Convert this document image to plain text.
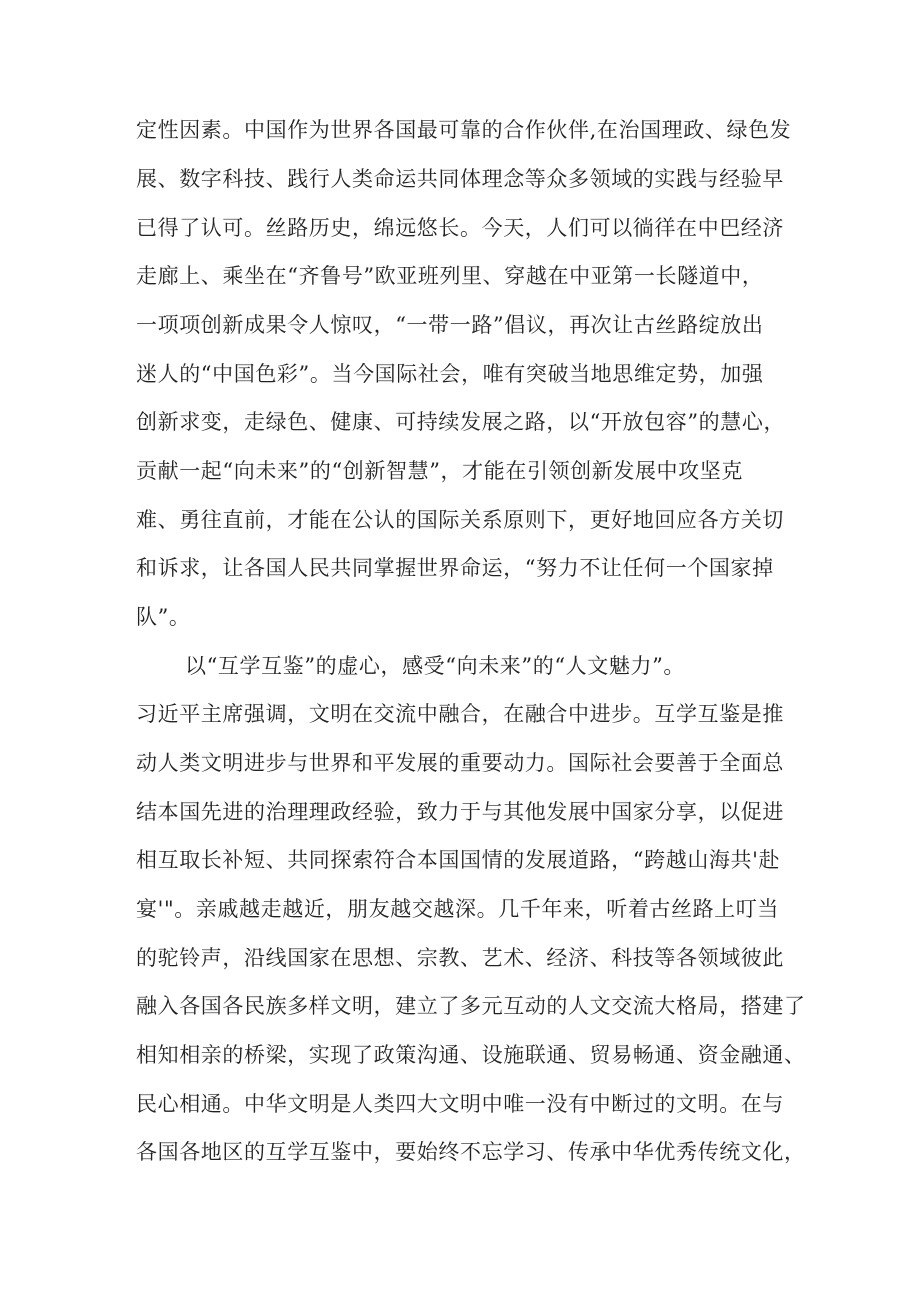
定性因素。中国作为世界各国最可靠的合作伙伴,在治国理政、绿色发
展、数字科技、践行人类命运共同体理念等众多领域的实践与经验早
已得了认可。丝路历史，绵远悠长。今天，人们可以徜徉在中巴经济
走廊上、乘坐在“齐鲁号”欧亚班列里、穿越在中亚第一长隧道中，
一项项创新成果令人惊叹，“一带一路”倡议，再次让古丝路绽放出
迷人的“中国色彩”。当今国际社会，唯有突破当地思维定势，加强
创新求变，走绿色、健康、可持续发展之路，以“开放包容”的慧心，
贡献一起“向未来”的“创新智慧”，才能在引领创新发展中攻坚克
难、勇往直前，才能在公认的国际关系原则下，更好地回应各方关切
和诉求，让各国人民共同掌握世界命运，“努力不让任何一个国家掉
队”。
以“互学互鉴”的虚心，感受“向未来”的“人文魅力”。
习近平主席强调，文明在交流中融合，在融合中进步。互学互鉴是推
动人类文明进步与世界和平发展的重要动力。国际社会要善于全面总
结本国先进的治理理政经验，致力于与其他发展中国家分享，以促进
相互取长补短、共同探索符合本国国情的发展道路，“跨越山海共'赴
宴'"。亲戚越走越近，朋友越交越深。几千年来，听着古丝路上叮当
的驼铃声，沿线国家在思想、宗教、艺术、经济、科技等各领域彼此
融入各国各民族多样文明，建立了多元互动的人文交流大格局，搭建了
相知相亲的桥梁，实现了政策沟通、设施联通、贸易畅通、资金融通、
民心相通。中华文明是人类四大文明中唯一没有中断过的文明。在与
各国各地区的互学互鉴中，要始终不忘学习、传承中华优秀传统文化，
